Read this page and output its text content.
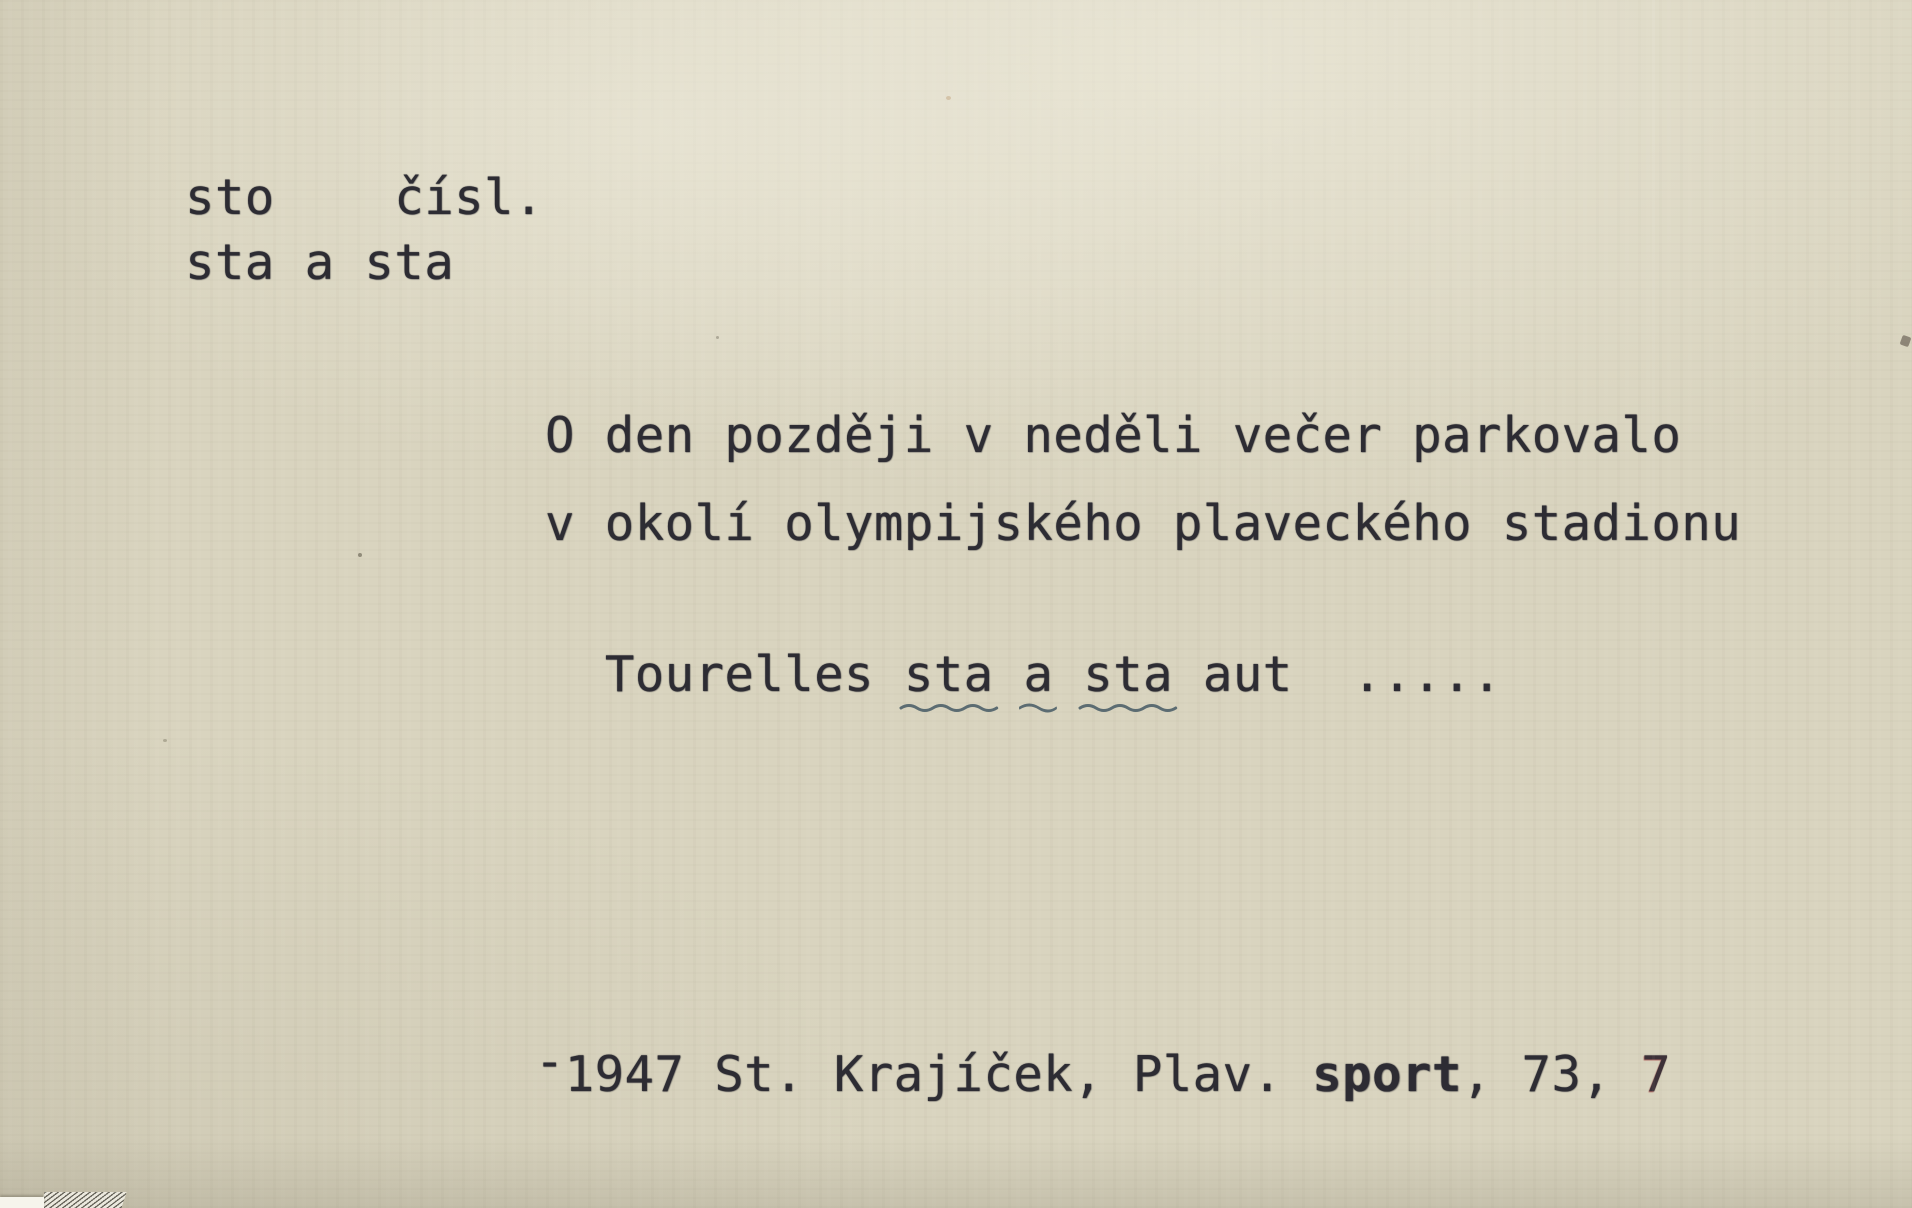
sto    čísl.
sta a sta
O den později v neděli večer parkovalo
v okolí olympijského plaveckého stadionu

Tourelles sta a sta
aut  .....

-1947 St. Krajíček, Plav. sport, 73, 7
